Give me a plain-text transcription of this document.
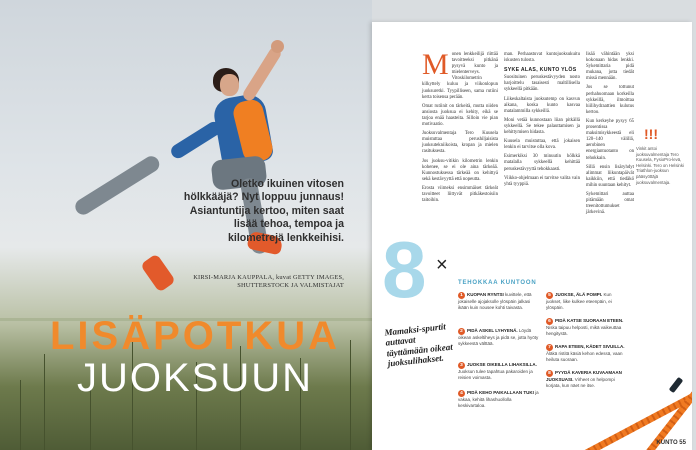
Oletko ikuinen vitosen hölkkääjä? Nyt loppuu junnaus! Asiantuntija kertoo, miten saat lisää tehoa, tempoa ja kilometrejä lenkkeihisi.
KIRSI-MARJA KAUPPALA, kuvat GETTY IMAGES, SHUTTERSTOCK JA VALMISTAJAT
LISÄPOTKUA
JUOKSUUN

Monen lenkkeilijä riittää tavoitteeksi pitkänä pysyvä kunto ja mielenterveys. Vitoskilometrin kilkyttely kuluu ja viikonlopun juoksuretki. Tyypilliseen, sama rutiini kerta toisensa perään.

Omat rutiinit on tärkeitä, mutta niiden ansiosta juoksua ei kehity, eikä se tarjoa enää haasteita. Silloin vie pian motivaatio.

Juoksuvalmentaja Tero Kuusela muistuttaa perushiljaisista juoksutekniikoista, kropan ja mielen rasituksesta.

Jos juoksu-vitikin kilometrin lenkin kohenee, se ei ole aina tärkeää. Kunnostuksessa tärkeää on kehittyä sekä kestävyyttä että nopeutta.

Erosta viimeksi ensimmäiset tärkeät tavoitteet liittyvät pitkäkestoisiin taitoihin.

man. Perhaastuvat kuntojuoksukuitu iskusten tulosta.

SYKE ALAS, KUNTO YLÖS

Suosituinen peruskestävyyden nosto harjoittelu tasaisesti maltillisella sykkeellä pitkään.

Liikeskaltaista juoksutemp on kasvun aikana, koska kunto kasvaa matalammilla sykkeillä.

Moni vetää kunnostaan liian pitkällä sykkeellä. Se tekee palauttamisen ja kehittymisen hidasta.

Kuusela muistuttaa, että jokaisen lenkin ei tarvitse olla kova.

Esimerkiksi 30 minuutin hölkkä matalalla sykkeellä kehittää peruskestävyyttä tehokkaasti.

Viikko-ohjelmaan ei tarvitse valita vain yhtä tyyppiä.

lisää vähintään yksi kokonaan hidas lenkki. Sykemittaria pidä mukana, jotta tiedät missä mennään.

Jos se tottunut perhahuomaan korkeilla sykkeillä, ilmoittaa hiilihydraattien kulutus kertoo.

Kun kerkeyhe pysyy 65 prosentissa maksimisykkeestä eli 120–140 välillä, aerobinen energiantuotanto on tehokkain.

Sillä ensin lisäryhdyt alimmat liikuntapäivät kaikkiin, että tiedäkö mihin suuntaan kehityt.

Sykemittari auttaa pitämään omat treenitottumukset järkevinä.

!!!
Vinkit antoi juoksuvalmentaja Tero Kuusela, FysioPro-levä, Helsinki. Tero on Helsinki Triathlon-juoksun pääsyöttäjä juoksuvalmentaja.
8 ×
Mamaksi-spurtit auttavat täyttämään oikeat juoksulihakset.
TEHOKKAA KUNTOON
1 KUOPAN RYNTSI kuvittele, että jokaiselle ajojaksolle ylöspäin jalkasi ikään kuin nousee kohti taivasta.
2 PIDÄ ASKEL LYHYENÄ. Löydä oikean askeltiheys ja pidä se, jotta hyöty sykkeestä välttää.
3 JUOKSE OIKEILLA LIHAKSILLA. Juoksun tulee tapahtua pakaroiden ja reisien voimasta.
4 PIDÄ KEHO PAIKALLAAN TUKI ja vakaa, kehitä lihashuollolla keskivartaloa.
5 JUOKSE, ÄLÄ POMPI. Kun juokset, liike kulkee eteenpäin, ei ylöspäin.
6 PIDÄ KATSE SUORAAN ETEEN. Niska taipuu helposti, mikä vaikeuttaa hengitystä.
7 RAPA ETEEN, KÄDET SIVUILLA. Äläkä ristitä käsiä kehon edessä, vaan heiluta suoraan.
8 PYYDÄ KAVERIA KUVAAMAAN JUOKSUASI. Virheet on helpompi korjata, kun näet ne itse.
KUNTO 55
